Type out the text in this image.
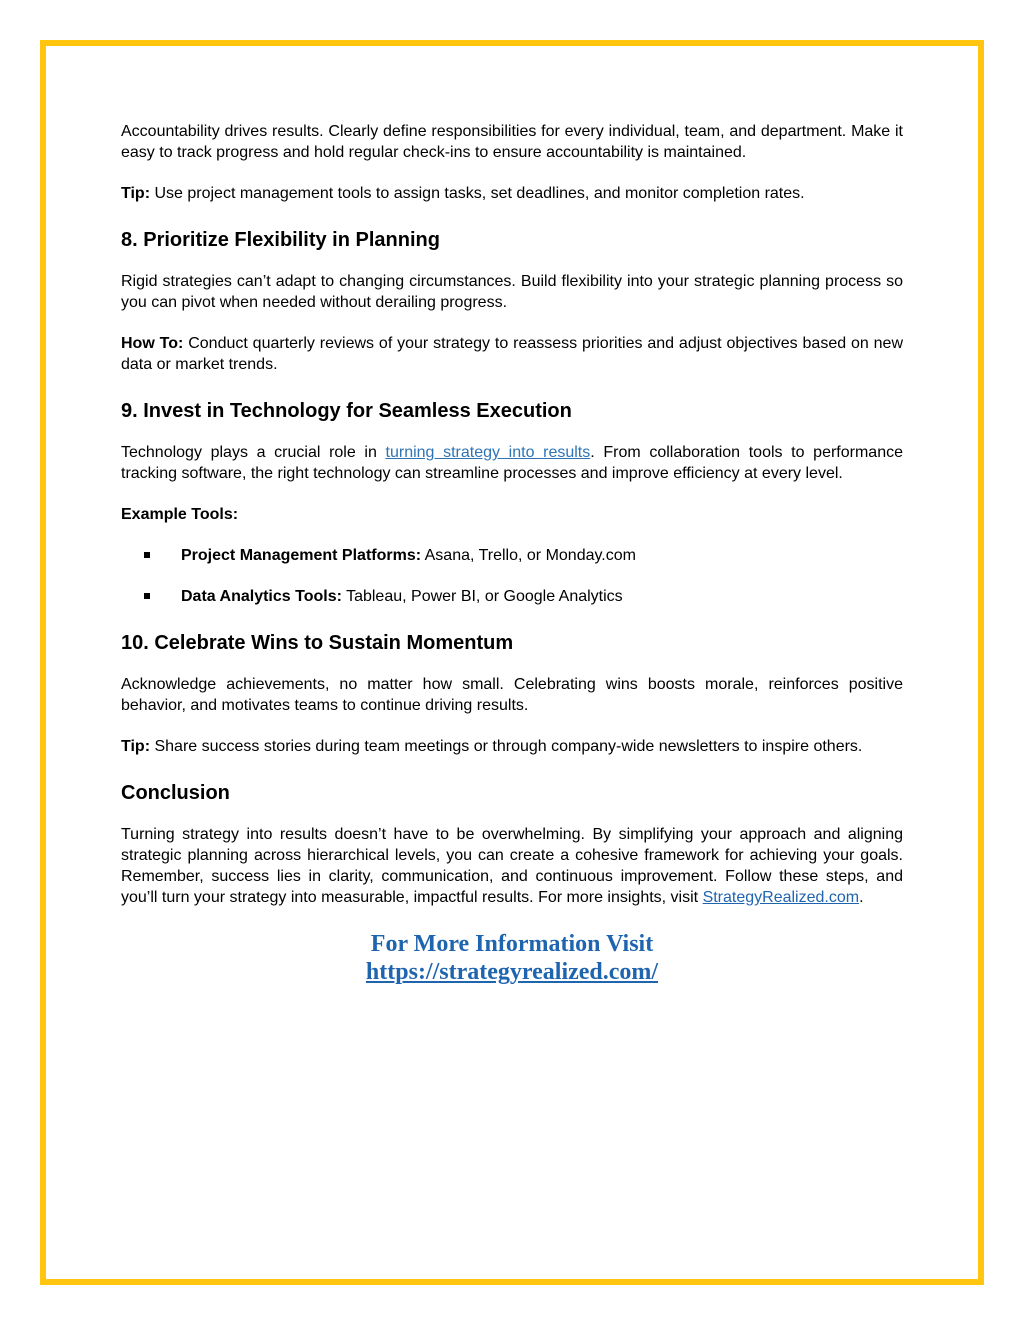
Accountability drives results. Clearly define responsibilities for every individual, team, and department. Make it easy to track progress and hold regular check-ins to ensure accountability is maintained.

Tip: Use project management tools to assign tasks, set deadlines, and monitor completion rates.

8. Prioritize Flexibility in Planning

Rigid strategies can’t adapt to changing circumstances. Build flexibility into your strategic planning process so you can pivot when needed without derailing progress.

How To: Conduct quarterly reviews of your strategy to reassess priorities and adjust objectives based on new data or market trends.

9. Invest in Technology for Seamless Execution

Technology plays a crucial role in turning strategy into results. From collaboration tools to performance tracking software, the right technology can streamline processes and improve efficiency at every level.

Example Tools:

Project Management Platforms: Asana, Trello, or Monday.com
Data Analytics Tools: Tableau, Power BI, or Google Analytics
10. Celebrate Wins to Sustain Momentum

Acknowledge achievements, no matter how small. Celebrating wins boosts morale, reinforces positive behavior, and motivates teams to continue driving results.

Tip: Share success stories during team meetings or through company-wide newsletters to inspire others.

Conclusion

Turning strategy into results doesn’t have to be overwhelming. By simplifying your approach and aligning strategic planning across hierarchical levels, you can create a cohesive framework for achieving your goals. Remember, success lies in clarity, communication, and continuous improvement. Follow these steps, and you’ll turn your strategy into measurable, impactful results. For more insights, visit StrategyRealized.com.

For More Information Visit
https://strategyrealized.com/
